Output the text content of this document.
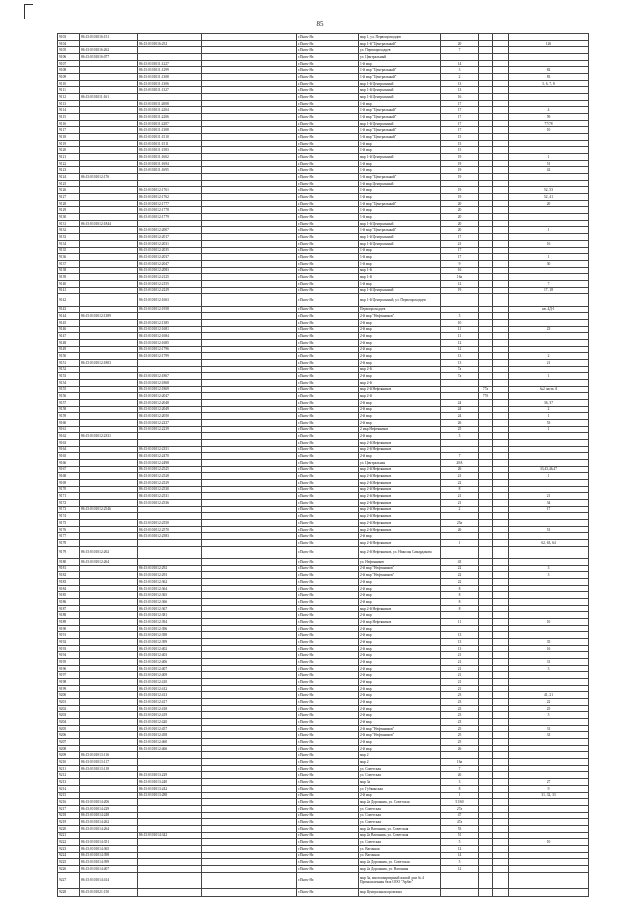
85
9103	86:15:0101016:151			г.Пыть-Ях	мкр 1, ул. Первопроходцев				
9104		86:15:0101016:252		г.Пыть-Ях	мкр 1-й "Центральный"	20			126
9105	86:15:0101016:262			г.Пыть-Ях	ул. Первопроходцев	7			
9106	86:15:0101016:077			г.Пыть-Ях	ул. Центральный				
9107		86:15:0101011:1227		г.Пыть-Ях	1-й мкр	14			
9108		86:15:0101011:1299		г.Пыть-Ях	1-й мкр "Центральный"	3			82
9109		86:15:0101011:1308		г.Пыть-Ях	1-й мкр "Центральный"	2			83
9110		86:15:0101011:1306		г.Пыть-Ях	мкр 1-й Центральный	13			5, 6, 7, 8
9111		86:15:0101011:1327		г.Пыть-Ях	мкр 1-й Центральный	13			
9112	86:15:0101011:161			г.Пыть-Ях	мкр 1-й Центральный	16			
9113		86:15:0101011:2008		г.Пыть-Ях	1-й мкр	17			
9114		86:15:0101011:2204		г.Пыть-Ях	1-й мкр "Центральный"	17			4
9115		86:15:0101011:2206		г.Пыть-Ях	1-й мкр "Центральный"	17			59
9116		86:15:0101011:2207		г.Пыть-Ях	мкр 1-й Центральный	17			77/78
9117		86:15:0101011:1308		г.Пыть-Ях	1-й мкр "Центральный"	17			10
9118		86:15:0101011:1510		г.Пыть-Ях	1-й мкр "Центральный"	15			
9119		86:15:0101011:1511		г.Пыть-Ях	1-й мкр	15			
9120		86:15:0101011:1583		г.Пыть-Ях	1-й мкр	15			
9121		86:15:0101011:1602		г.Пыть-Ях	мкр 1-й Центральный	19			1
9122		86:15:0101011:1694		г.Пыть-Ях	1-й мкр	19			51
9123		86:15:0101011:1695		г.Пыть-Ях	1-й мкр	19			42
9124	86:15:0101012:176			г.Пыть-Ях	1-й мкр "Центральный"	19			
9125				г.Пыть-Ях	1-й мкр Центральный				
9126		86:15:0101012:1761		г.Пыть-Ях	1-й мкр	19			52, 53
9127		86:15:0101012:1762		г.Пыть-Ях	1-й мкр	19			52, 41
9128		86:15:0101012:1777		г.Пыть-Ях	1-й мкр "Центральный"	20			20
9129		86:15:0101012:1778		г.Пыть-Ях	1-й мкр	20			
9130		86:15:0101012:1779		г.Пыть-Ях	1-й мкр	20			
9131	86:15:0101012:1844			г.Пыть-Ях	мкр 1-й Центральный	20			
9132		86:15:0101012:2007		г.Пыть-Ях	1-й мкр "Центральный"	20			1
9133		86:15:0101012:2017		г.Пыть-Ях	мкр 1-й Центральный	17			
9134		86:15:0101012:2031		г.Пыть-Ях	мкр 1-й Центральный	21			16
9135		86:15:0101012:2035		г.Пыть-Ях	1-й мкр	17			
9136		86:15:0101012:2037		г.Пыть-Ях	1-й мкр	17			1
9137		86:15:0101012:2047		г.Пыть-Ях	1-й мкр	9			30
9138		86:15:0101012:2083		г.Пыть-Ях	мкр 1-й	16			
9139		86:15:0101012:2125		г.Пыть-Ях	мкр 1-й	16а			
9140		86:15:0101012:2155		г.Пыть-Ях	1-й мкр	12			7
9141		86:15:0101012:2229		г.Пыть-Ях	мкр 1-й Центральный	19			17, 18
9142		86:15:0101012:1663		г.Пыть-Ях	мкр 1-й Центральный, ул. Первопроходцев				
9143		86:15:0101012:1958		г.Пыть-Ях	Первопроходцев				кв. 4Д-1
9144	86:15:0101012:1389			г.Пыть-Ях	2-й мкр "Нефтяников"	5			
9145		86:15:0101012:1385		г.Пыть-Ях	2-й мкр	10			
9146		86:15:0101012:1681		г.Пыть-Ях	2-й мкр	11			23
9147		86:15:0101012:1684		г.Пыть-Ях	2-й мкр	11			
9148		86:15:0101012:1685		г.Пыть-Ях	2-й мкр	12			
9149		86:15:0101012:1796		г.Пыть-Ях	2-й мкр	12			
9150		86:15:0101012:1799		г.Пыть-Ях	2-й мкр	13			2
9151	86:15:0101012:1803			г.Пыть-Ях	2-й мкр	13			21
9152				г.Пыть-Ях	мкр 2-й	7а			
9153		86:15:0101012:1867		г.Пыть-Ях	2-й мкр	7а			1
9154		86:15:0101012:1868		г.Пыть-Ях	мкр 2-й				
9155		86:15:0101012:1869		г.Пыть-Ях	мкр 2-й Нефтяников		77а		№2 часть А
9156		86:15:0101012:2047		г.Пыть-Ях	мкр 2-й		77б		
9157		86:15:0101012:2048		г.Пыть-Ях	2-й мкр	24			36, 37
9158		86:15:0101012:2049		г.Пыть-Ях	2-й мкр	24			2
9159		86:15:0101012:2050		г.Пыть-Ях	2-й мкр	24			1
9160		86:15:0101012:2237		г.Пыть-Ях	2-й мкр	26			53
9161		86:15:0101012:2239		г.Пыть-Ях	2 мкр Нефтяников	25			1
9162	86:15:0101012:2331			г.Пыть-Ях	2-й мкр	5			
9163				г.Пыть-Ях	мкр 2-й Нефтяников				
9164		86:15:0101012:2351		г.Пыть-Ях	мкр 2-й Нефтяников				
9165		86:15:0101012:2470		г.Пыть-Ях	2-й мкр	7			
9166		86:15:0101012:2498		г.Пыть-Ях	ул. Центральная	20А			
9167		86:15:0101012:2525		г.Пыть-Ях	мкр 2-й Нефтяников	26			33,43,46,47
9168		86:15:0101012:2528		г.Пыть-Ях	мкр 2-й Нефтяников	21			1
9169		86:15:0101012:2529		г.Пыть-Ях	мкр 2-й Нефтяников	22			
9170		86:15:0101012:2530		г.Пыть-Ях	мкр 2-й Нефтяников	8			
9171		86:15:0101012:2531		г.Пыть-Ях	мкр 2-й Нефтяников	21			21
9172		86:15:0101012:2536		г.Пыть-Ях	мкр 2-й Нефтяников	21			34
9173	86:15:0101012:2546			г.Пыть-Ях	мкр 2-й Нефтяников	2			17
9174				г.Пыть-Ях	мкр 2-й Нефтяников				
9175		86:15:0101012:2550		г.Пыть-Ях	мкр 2-й Нефтяников	25а			
9176		86:15:0101012:2570		г.Пыть-Ях	мкр 2-й Нефтяников	26			51
9177		86:15:0101012:2583		г.Пыть-Ях	2-й мкр				
9178				г.Пыть-Ях	мкр 2-й Нефтяников	1			62, 63, 64
9179	86:15:0101012:262			г.Пыть-Ях	мкр 2-й Нефтяников, ул. Николая Самардакова				
9180	86:15:0101012:264			г.Пыть-Ях	ул. Нефтяников	43			
9181		86:15:0101012:292		г.Пыть-Ях	2-й мкр "Нефтяников"	22			3
9182		86:15:0101012:293		г.Пыть-Ях	2-й мкр "Нефтяников"	22			3
9183		86:15:0101012:362		г.Пыть-Ях	2-й мкр	22			
9184		86:15:0101012:364		г.Пыть-Ях	2-й мкр	8			
9185		86:15:0101012:365		г.Пыть-Ях	2-й мкр	8			
9186		86:15:0101012:366		г.Пыть-Ях	2-й мкр	8			
9187		86:15:0101012:367		г.Пыть-Ях	мкр 2-й Нефтяников	8			
9188		86:15:0101012:381		г.Пыть-Ях	2-й мкр				
9189		86:15:0101012:394		г.Пыть-Ях	2-й мкр Нефтяников	11			10
9190		86:15:0101012:396		г.Пыть-Ях	2-й мкр				
9191		86:15:0101012:398		г.Пыть-Ях	2-й мкр	13			
9192		86:15:0101012:399		г.Пыть-Ях	2-й мкр	13			35
9193		86:15:0101012:402		г.Пыть-Ях	2-й мкр	13			16
9194		86:15:0101012:403		г.Пыть-Ях	2-й мкр	21			
9195		86:15:0101012:406		г.Пыть-Ях	2-й мкр	21			31
9196		86:15:0101012:407		г.Пыть-Ях	2-й мкр	21			3
9197		86:15:0101012:409		г.Пыть-Ях	2-й мкр	21			
9198		86:15:0101012:410		г.Пыть-Ях	2-й мкр	21			
9199		86:15:0101012:412		г.Пыть-Ях	2-й мкр	21			
9200		86:15:0101012:413		г.Пыть-Ях	2-й мкр	23			41, 21
9201		86:15:0101012:417		г.Пыть-Ях	2-й мкр	23			22
9202		86:15:0101012:418		г.Пыть-Ях	2-й мкр	23			25
9203		86:15:0101012:419		г.Пыть-Ях	2-й мкр	23			5
9204		86:15:0101012:420		г.Пыть-Ях	2-й мкр	23			
9205		86:15:0101012:457		г.Пыть-Ях	2-й мкр "Нефтяников"	25			31
9206		86:15:0101012:458		г.Пыть-Ях	2-й мкр "Нефтяников"	25			33
9207		86:15:0101012:460		г.Пыть-Ях	2-й мкр	25			
9208		86:15:0101012:466		г.Пыть-Ях	2-й мкр	26			
9209	86:15:0101013:116			г.Пыть-Ях	мкр 2				
9210	86:15:0101013:117			г.Пыть-Ях	мкр 2	16а			
9211	86:15:0101013:118			г.Пыть-Ях	ул. Советская	7			
9212		86:15:0101013:229		г.Пыть-Ях	ул. Советская	26			
9213		86:15:0101013:240		г.Пыть-Ях	мкр 3а	3			27
9214		86:15:0101013:242		г.Пыть-Ях	ул. Губкинская	8			9
9215		86:15:0101013:288		г.Пыть-Ях	2-й мкр	1			31, 32, 33
9216	86:15:0101014:206			г.Пыть-Ях	мкр 2а Дорожник, ул. Советская	51/60			
9217	86:15:0101014:229			г.Пыть-Ях	ул. Советская	27а			
9218	86:15:0101014:248			г.Пыть-Ях	ул. Советская	47			
9219	86:15:0101014:262			г.Пыть-Ях	ул. Советская	47а			
9220	86:15:0101014:264			г.Пыть-Ях	мкр 2а Вагонник, ул. Советская	53			
9221		86:15:0101014:342		г.Пыть-Ях	мкр 2а Вагонник, ул. Советская	51			
9222	86:15:0101014:351			г.Пыть-Ях	ул. Советская	5			10
9223	86:15:0101014:365			г.Пыть-Ях	ул. Вагонная	12			
9224	86:15:0101014:398			г.Пыть-Ях	ул. Вагонная	14			
9225	86:15:0101014:399			г.Пыть-Ях	мкр 2а Дорожник, ул. Советская	5			
9226	86:15:0101014:407			г.Пыть-Ях	мкр 2а Дорожник, ул. Вагонная	12			
9227	86:15:0101014:414			г.Пыть-Ях	мкр 3а, многоквартирный жилой дом № 4 Промышленная база ООО "Арбат"				
9228	86:15:0101021:150			г.Пыть-Ях	мкр Центральная промзона				
